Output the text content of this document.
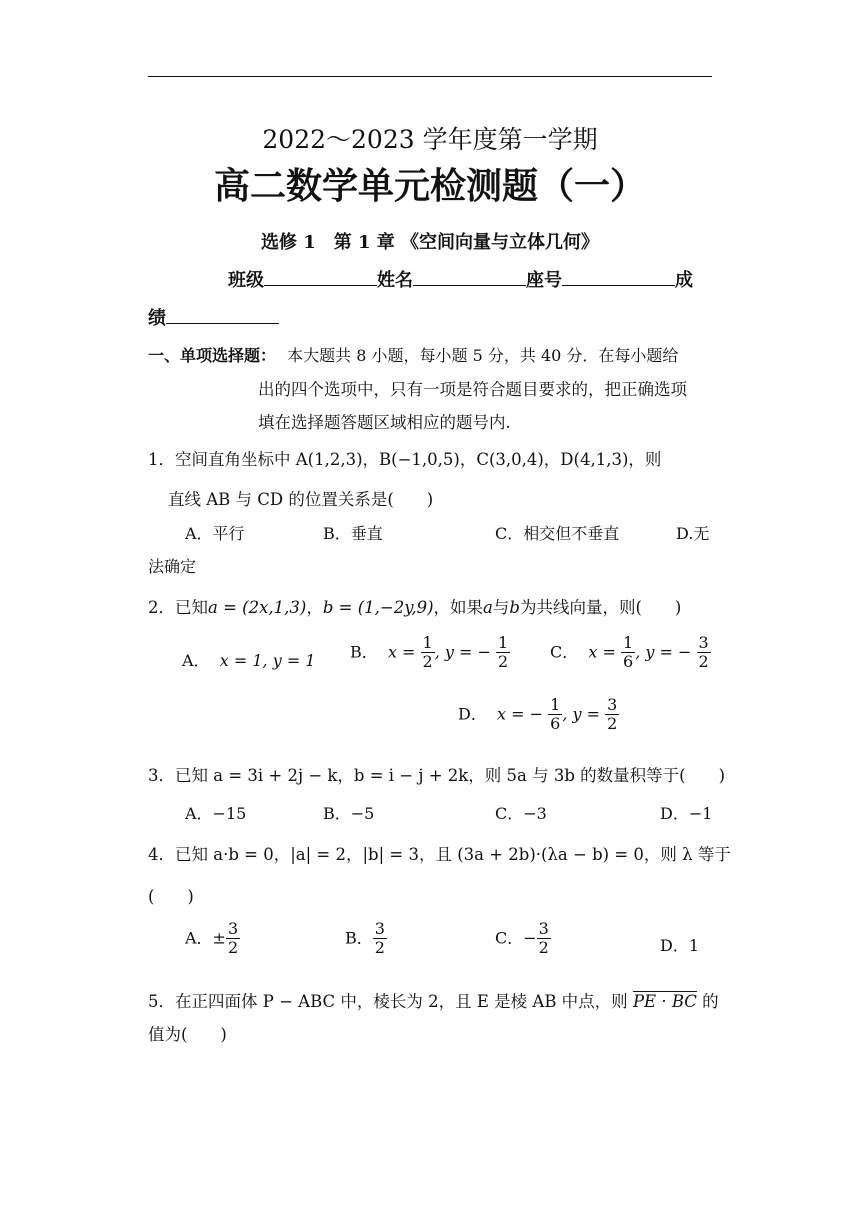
2022～2023 学年度第一学期
高二数学单元检测题（一）
选修 1　第 1 章 《空间向量与立体几何》
班级	姓名	座号	成
绩
一、单项选择题： 本大题共 8 小题，每小题 5 分，共 40 分．在每小题给
出的四个选项中，只有一项是符合题目要求的，把正确选项
填在选择题答题区域相应的题号内.
1．空间直角坐标中 A(1,2,3)，B(−1,0,5)，C(3,0,4)，D(4,1,3)，则
直线 AB 与 CD 的位置关系是(　　)
A．平行	B．垂直	C．相交但不垂直	D.无
法确定
2．已知a = (2x,1,3)，b = (1,−2y,9)，如果a与b为共线向量，则(　　)
A． x = 1, y = 1 B． $x = \frac{1}{2}$ , y = − $\frac{1}{2}$ C． $x = \frac{1}{6}$ , y = − $\frac{3}{2}$
D． x = − $\frac{1}{6}$ , $y = \frac{3}{2}$
3．已知 a = 3i + 2j − k，b = i − j + 2k，则 5a 与 3b 的数量积等于(　　)
A．−15	B．−5	C．−3	D．−1
4．已知 a·b = 0，|a| = 2，|b| = 3，且 (3a + 2b)·(λa − b) = 0，则 λ 等于
(　　)
A．± $\frac{3}{2}$	B． $\frac{3}{2}$	C．− $\frac{3}{2}$	D．1
5．在正四面体 P − ABC 中，棱长为 2，且 E 是棱 AB 中点，则 PE · BC 的
值为(　　)
